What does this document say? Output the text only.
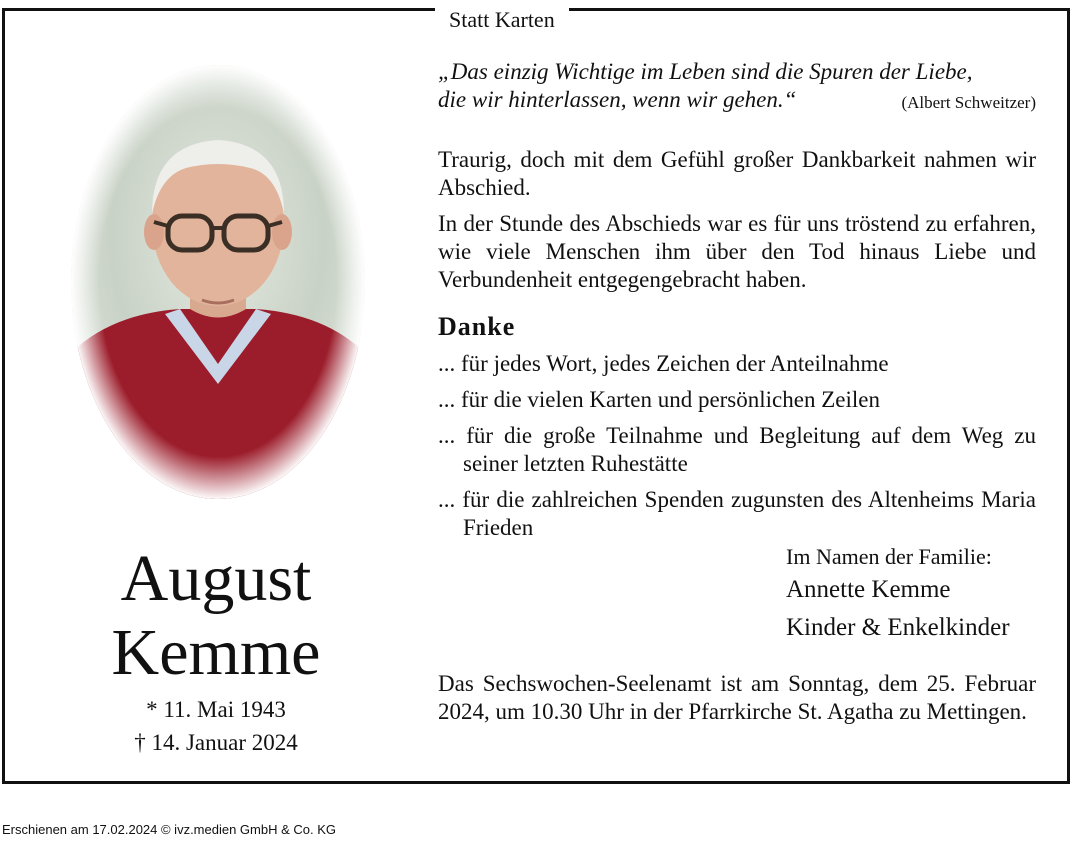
Statt Karten
August
Kemme
* 11. Mai 1943
† 14. Januar 2024
„Das einzig Wichtige im Leben sind die Spuren der Liebe,
die wir hinterlassen, wenn wir gehen.“	(Albert Schweitzer)
Traurig, doch mit dem Gefühl großer Dankbarkeit nahmen wir Abschied.
In der Stunde des Abschieds war es für uns tröstend zu erfahren, wie viele Menschen ihm über den Tod hinaus Liebe und Verbundenheit entgegengebracht haben.
Danke
... für jedes Wort, jedes Zeichen der Anteilnahme
... für die vielen Karten und persönlichen Zeilen
... für die große Teilnahme und Begleitung auf dem Weg zu seiner letzten Ruhestätte
... für die zahlreichen Spenden zugunsten des Altenheims Maria Frieden
Im Namen der Familie:
Annette Kemme
Kinder & Enkelkinder
Das Sechswochen-Seelenamt ist am Sonntag, dem 25. Februar 2024, um 10.30 Uhr in der Pfarrkirche St. Agatha zu Mettingen.
Erschienen am 17.02.2024 © ivz.medien GmbH & Co. KG
